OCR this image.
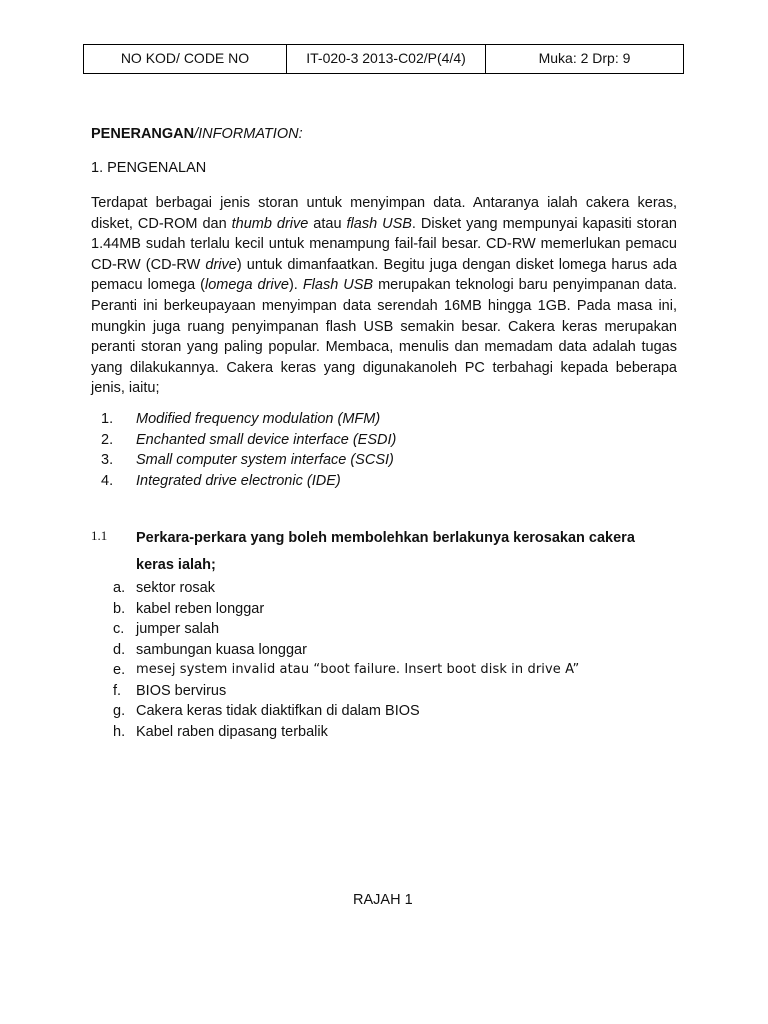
NO KOD/ CODE NO	IT-020-3 2013-C02/P(4/4)	Muka: 2 Drp: 9
PENERANGAN/INFORMATION:
1. PENGENALAN

Terdapat berbagai jenis storan untuk menyimpan data. Antaranya ialah cakera keras, disket, CD-ROM dan thumb drive atau flash USB. Disket yang mempunyai kapasiti storan 1.44MB sudah terlalu kecil untuk menampung fail-fail besar. CD-RW memerlukan pemacu CD-RW (CD-RW drive) untuk dimanfaatkan. Begitu juga dengan disket lomega harus ada pemacu lomega (lomega drive). Flash USB merupakan teknologi baru penyimpanan data. Peranti ini berkeupayaan menyimpan data serendah 16MB hingga 1GB. Pada masa ini, mungkin juga ruang penyimpanan flash USB semakin besar. Cakera keras merupakan peranti storan yang paling popular. Membaca, menulis dan memadam data adalah tugas yang dilakukannya. Cakera keras yang digunakanoleh PC terbahagi kepada beberapa jenis, iaitu;

1.	Modified frequency modulation (MFM)
2.	Enchanted small device interface (ESDI)
3.	Small computer system interface (SCSI)
4.	Integrated drive electronic (IDE)
1.1 Perkara-perkara yang boleh membolehkan berlakunya kerosakan cakera keras ialah;
a. sektor rosak
b. kabel reben longgar
c. jumper salah
d. sambungan kuasa longgar
e. mesej system invalid atau “boot failure. Insert boot disk in drive A”
f.	BIOS bervirus
g. Cakera keras tidak diaktifkan di dalam BIOS
h. Kabel raben dipasang terbalik
RAJAH 1
